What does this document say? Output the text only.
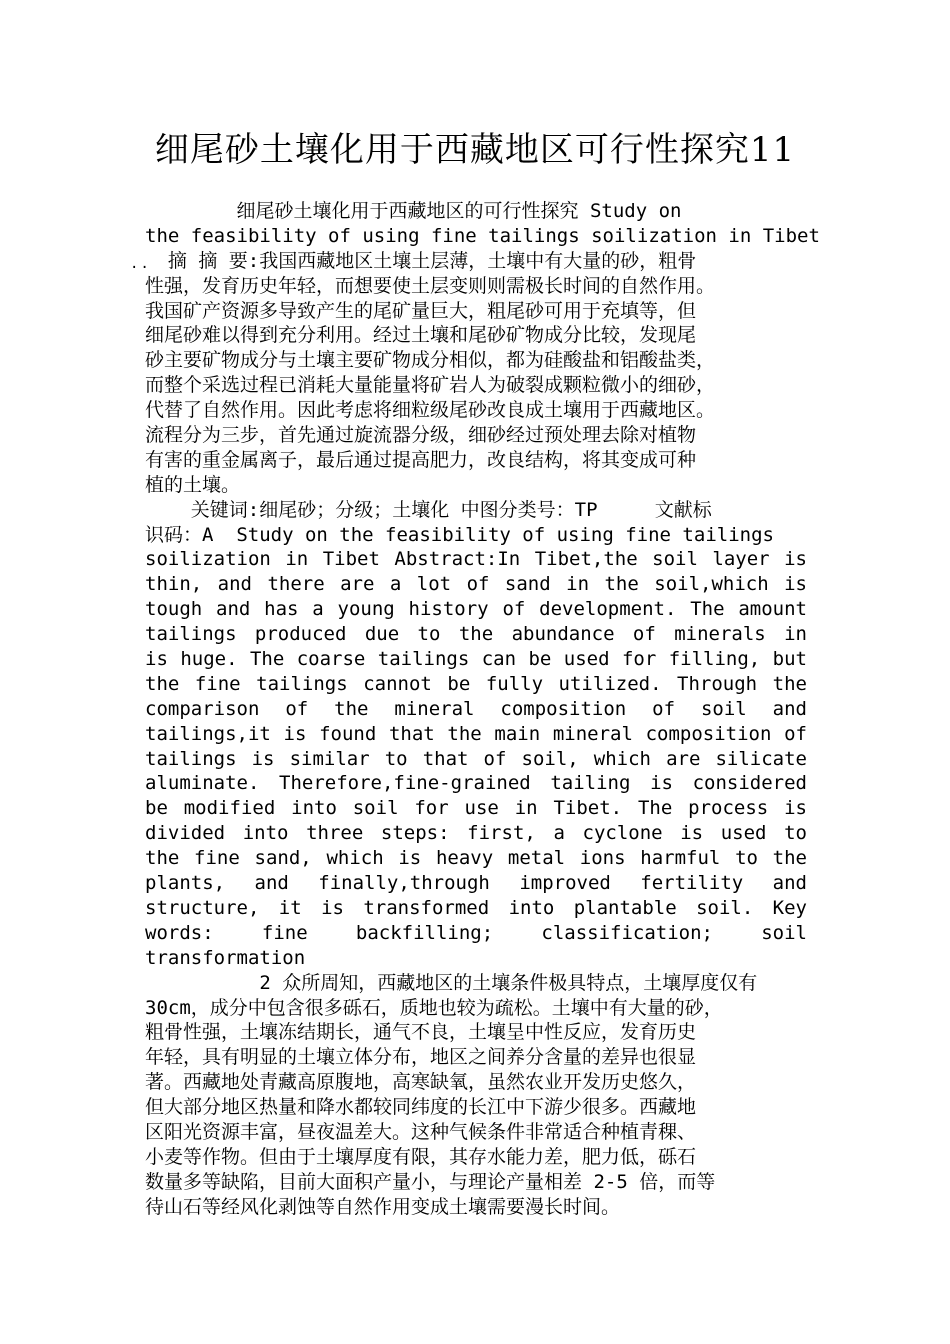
细尾砂土壤化用于西藏地区可行性探究11
..
细尾砂土壤化用于西藏地区的可行性探究 Study on
the feasibility of using fine tailings soilization in Tibet
摘 摘 要:我国西藏地区土壤土层薄，土壤中有大量的砂，粗骨
性强，发育历史年轻，而想要使土层变则则需极长时间的自然作用。
我国矿产资源多导致产生的尾矿量巨大，粗尾砂可用于充填等，但
细尾砂难以得到充分利用。经过土壤和尾砂矿物成分比较，发现尾
砂主要矿物成分与土壤主要矿物成分相似，都为硅酸盐和铝酸盐类，
而整个采选过程已消耗大量能量将矿岩人为破裂成颗粒微小的细砂，
代替了自然作用。因此考虑将细粒级尾砂改良成土壤用于西藏地区。
流程分为三步，首先通过旋流器分级，细砂经过预处理去除对植物
有害的重金属离子，最后通过提高肥力，改良结构，将其变成可种
植的土壤。
关键词:细尾砂；分级；土壤化 中图分类号：TP     文献标
识码：A  Study on the feasibility of using fine tailings
soilization in Tibet Abstract:In Tibet,the soil layer is
thin, and there are a lot of sand in the soil,which is
tough and has a young history of development. The amount
tailings produced due to the abundance of minerals in
is huge. The coarse tailings can be used for filling, but
the fine tailings cannot be fully utilized. Through the
comparison of the mineral composition of soil and
tailings,it is found that the main mineral composition of
tailings is similar to that of soil, which are silicate
aluminate. Therefore,fine-grained tailing is considered
be modified into soil for use in Tibet. The process is
divided into three steps: first, a cyclone is used to
the fine sand, which is heavy metal ions harmful to the
plants, and finally,through improved fertility and
structure, it is transformed into plantable soil. Key
words: fine backfilling; classification; soil
transformation
2 众所周知，西藏地区的土壤条件极具特点，土壤厚度仅有
30cm，成分中包含很多砾石，质地也较为疏松。土壤中有大量的砂，
粗骨性强，土壤冻结期长，通气不良，土壤呈中性反应，发育历史
年轻，具有明显的土壤立体分布，地区之间养分含量的差异也很显
著。西藏地处青藏高原腹地，高寒缺氧，虽然农业开发历史悠久，
但大部分地区热量和降水都较同纬度的长江中下游少很多。西藏地
区阳光资源丰富，昼夜温差大。这种气候条件非常适合种植青稞、
小麦等作物。但由于土壤厚度有限，其存水能力差，肥力低，砾石
数量多等缺陷，目前大面积产量小，与理论产量相差 2-5 倍，而等
待山石等经风化剥蚀等自然作用变成土壤需要漫长时间。
